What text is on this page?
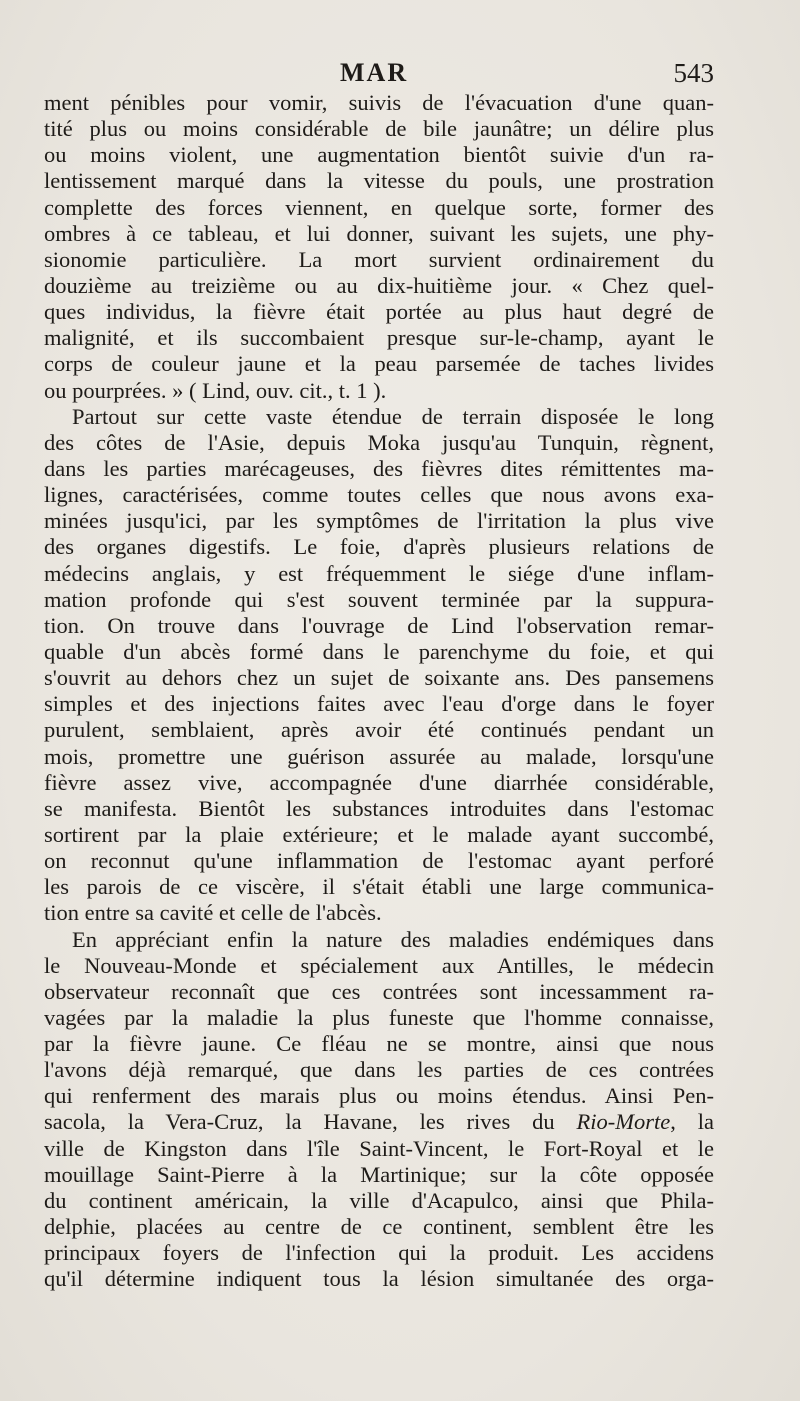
MAR	543
ment pénibles pour vomir, suivis de l'évacuation d'une quan-
tité plus ou moins considérable de bile jaunâtre; un délire plus
ou moins violent, une augmentation bientôt suivie d'un ra-
lentissement marqué dans la vitesse du pouls, une prostration
complette des forces viennent, en quelque sorte, former des
ombres à ce tableau, et lui donner, suivant les sujets, une phy-
sionomie particulière. La mort survient ordinairement du
douzième au treizième ou au dix-huitième jour. « Chez quel-
ques individus, la fièvre était portée au plus haut degré de
malignité, et ils succombaient presque sur-le-champ, ayant le
corps de couleur jaune et la peau parsemée de taches livides
ou pourprées. » ( Lind, ouv. cit., t. 1 ).
Partout sur cette vaste étendue de terrain disposée le long
des côtes de l'Asie, depuis Moka jusqu'au Tunquin, règnent,
dans les parties marécageuses, des fièvres dites rémittentes ma-
lignes, caractérisées, comme toutes celles que nous avons exa-
minées jusqu'ici, par les symptômes de l'irritation la plus vive
des organes digestifs. Le foie, d'après plusieurs relations de
médecins anglais, y est fréquemment le siége d'une inflam-
mation profonde qui s'est souvent terminée par la suppura-
tion. On trouve dans l'ouvrage de Lind l'observation remar-
quable d'un abcès formé dans le parenchyme du foie, et qui
s'ouvrit au dehors chez un sujet de soixante ans. Des pansemens
simples et des injections faites avec l'eau d'orge dans le foyer
purulent, semblaient, après avoir été continués pendant un
mois, promettre une guérison assurée au malade, lorsqu'une
fièvre assez vive, accompagnée d'une diarrhée considérable,
se manifesta. Bientôt les substances introduites dans l'estomac
sortirent par la plaie extérieure; et le malade ayant succombé,
on reconnut qu'une inflammation de l'estomac ayant perforé
les parois de ce viscère, il s'était établi une large communica-
tion entre sa cavité et celle de l'abcès.
En appréciant enfin la nature des maladies endémiques dans
le Nouveau-Monde et spécialement aux Antilles, le médecin
observateur reconnaît que ces contrées sont incessamment ra-
vagées par la maladie la plus funeste que l'homme connaisse,
par la fièvre jaune. Ce fléau ne se montre, ainsi que nous
l'avons déjà remarqué, que dans les parties de ces contrées
qui renferment des marais plus ou moins étendus. Ainsi Pen-
sacola, la Vera-Cruz, la Havane, les rives du Rio-Morte, la
ville de Kingston dans l'île Saint-Vincent, le Fort-Royal et le
mouillage Saint-Pierre à la Martinique; sur la côte opposée
du continent américain, la ville d'Acapulco, ainsi que Phila-
delphie, placées au centre de ce continent, semblent être les
principaux foyers de l'infection qui la produit. Les accidens
qu'il détermine indiquent tous la lésion simultanée des orga-
